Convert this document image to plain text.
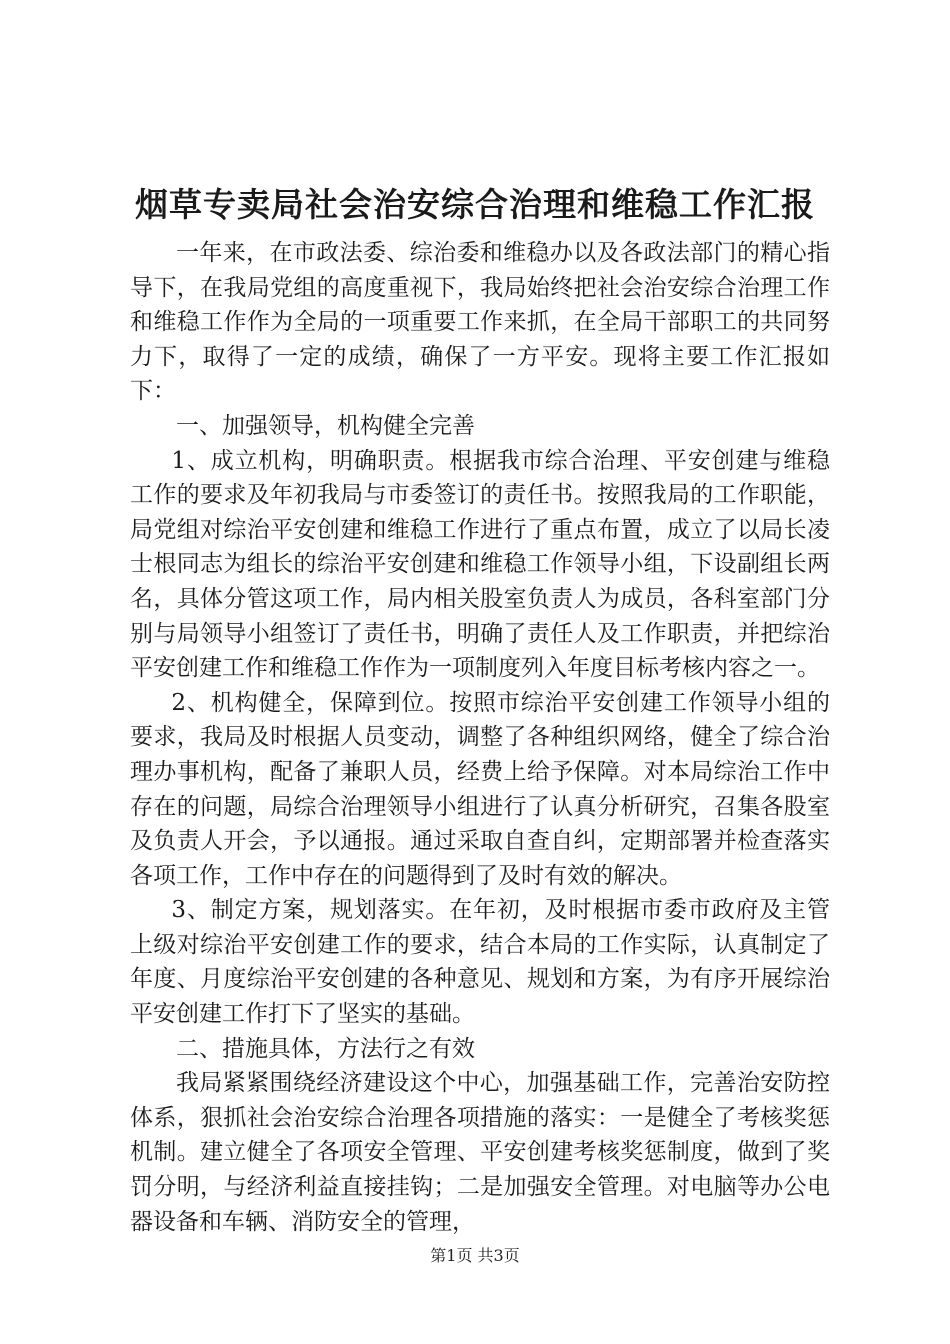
烟草专卖局社会治安综合治理和维稳工作汇报

一年来，在市政法委、综治委和维稳办以及各政法部门的精心指导下，在我局党组的高度重视下，我局始终把社会治安综合治理工作和维稳工作作为全局的一项重要工作来抓，在全局干部职工的共同努力下，取得了一定的成绩，确保了一方平安。现将主要工作汇报如下：

一、加强领导，机构健全完善

1、成立机构，明确职责。根据我市综合治理、平安创建与维稳工作的要求及年初我局与市委签订的责任书。按照我局的工作职能，局党组对综治平安创建和维稳工作进行了重点布置，成立了以局长凌士根同志为组长的综治平安创建和维稳工作领导小组，下设副组长两名，具体分管这项工作，局内相关股室负责人为成员，各科室部门分别与局领导小组签订了责任书，明确了责任人及工作职责，并把综治平安创建工作和维稳工作作为一项制度列入年度目标考核内容之一。

2、机构健全，保障到位。按照市综治平安创建工作领导小组的要求，我局及时根据人员变动，调整了各种组织网络，健全了综合治理办事机构，配备了兼职人员，经费上给予保障。对本局综治工作中存在的问题，局综合治理领导小组进行了认真分析研究，召集各股室及负责人开会，予以通报。通过采取自查自纠，定期部署并检查落实各项工作，工作中存在的问题得到了及时有效的解决。

3、制定方案，规划落实。在年初，及时根据市委市政府及主管上级对综治平安创建工作的要求，结合本局的工作实际，认真制定了年度、月度综治平安创建的各种意见、规划和方案，为有序开展综治平安创建工作打下了坚实的基础。

二、措施具体，方法行之有效

我局紧紧围绕经济建设这个中心，加强基础工作，完善治安防控体系，狠抓社会治安综合治理各项措施的落实：一是健全了考核奖惩机制。建立健全了各项安全管理、平安创建考核奖惩制度，做到了奖罚分明，与经济利益直接挂钩；二是加强安全管理。对电脑等办公电器设备和车辆、消防安全的管理，

第1页 共3页
